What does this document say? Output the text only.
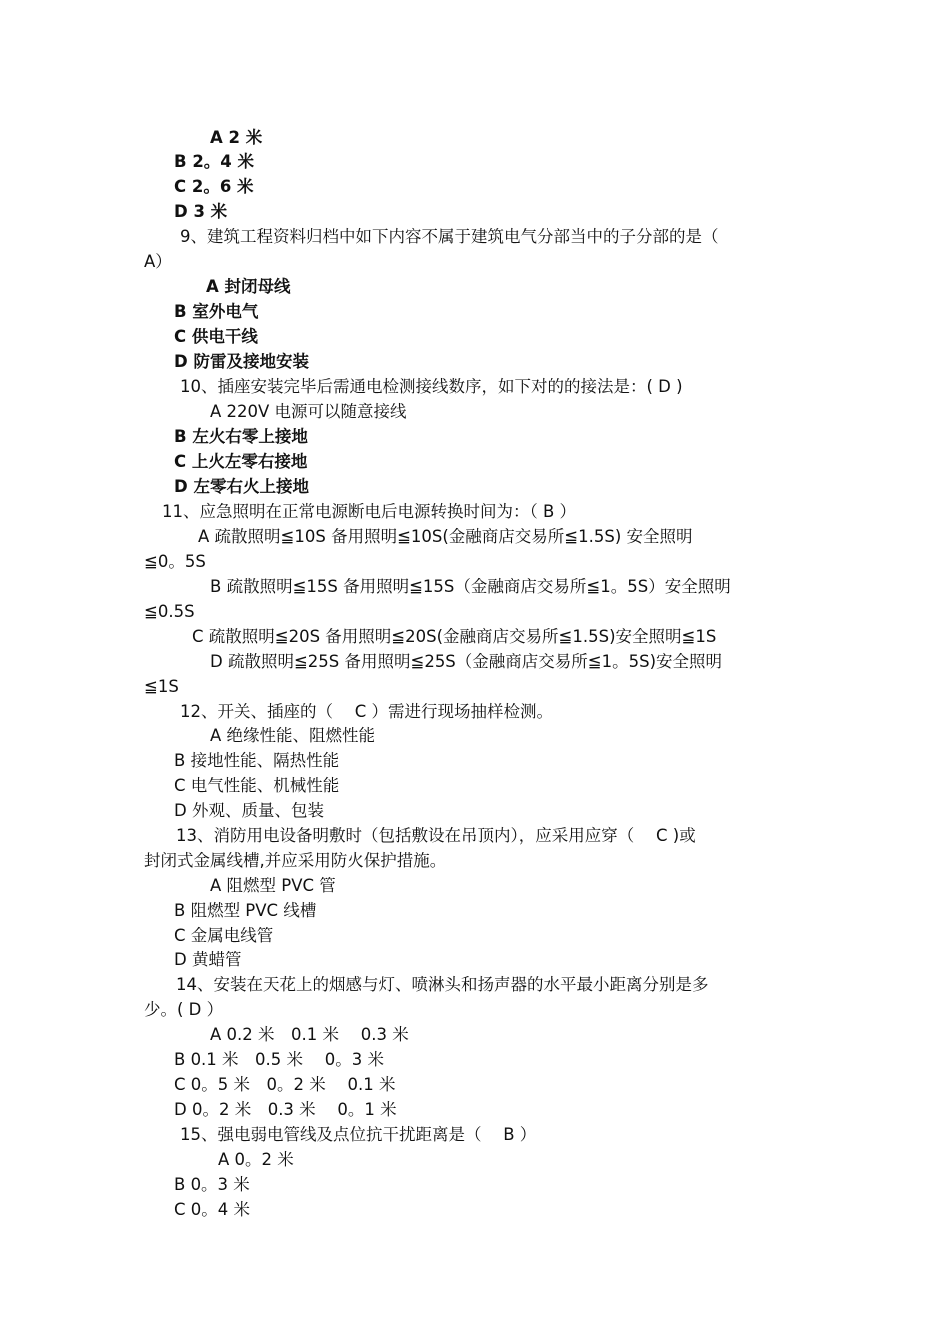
A 2 米
B 2。4 米
C 2。6 米
D 3 米
9、建筑工程资料归档中如下内容不属于建筑电气分部当中的子分部的是（
A）
A 封闭母线
B 室外电气
C 供电干线
D 防雷及接地安装
10、插座安装完毕后需通电检测接线数序，如下对的的接法是：( D )
A 220V 电源可以随意接线
B 左火右零上接地
C 上火左零右接地
D 左零右火上接地
11、应急照明在正常电源断电后电源转换时间为：（ B ）
A 疏散照明≦10S 备用照明≦10S(金融商店交易所≦1.5S) 安全照明
≦0。5S
B 疏散照明≦15S 备用照明≦15S（金融商店交易所≦1。5S）安全照明
≦0.5S
C 疏散照明≦20S 备用照明≦20S(金融商店交易所≦1.5S)安全照明≦1S
D 疏散照明≦25S 备用照明≦25S（金融商店交易所≦1。5S)安全照明
≦1S
12、开关、插座的（　 C ）需进行现场抽样检测。
A 绝缘性能、阻燃性能
B 接地性能、隔热性能
C 电气性能、机械性能
D 外观、质量、包装
13、消防用电设备明敷时（包括敷设在吊顶内），应采用应穿（　 C )或
封闭式金属线槽,并应采用防火保护措施。
A 阻燃型 PVC 管
B 阻燃型 PVC 线槽
C 金属电线管
D 黄蜡管
14、安装在天花上的烟感与灯、喷淋头和扬声器的水平最小距离分别是多
少。( D ）
A 0.2 米　0.1 米　 0.3 米
B 0.1 米　0.5 米　 0。3 米
C 0。5 米　0。2 米　 0.1 米
D 0。2 米　0.3 米　 0。1 米
15、强电弱电管线及点位抗干扰距离是（　 B ）
A 0。2 米
B 0。3 米
C 0。4 米
